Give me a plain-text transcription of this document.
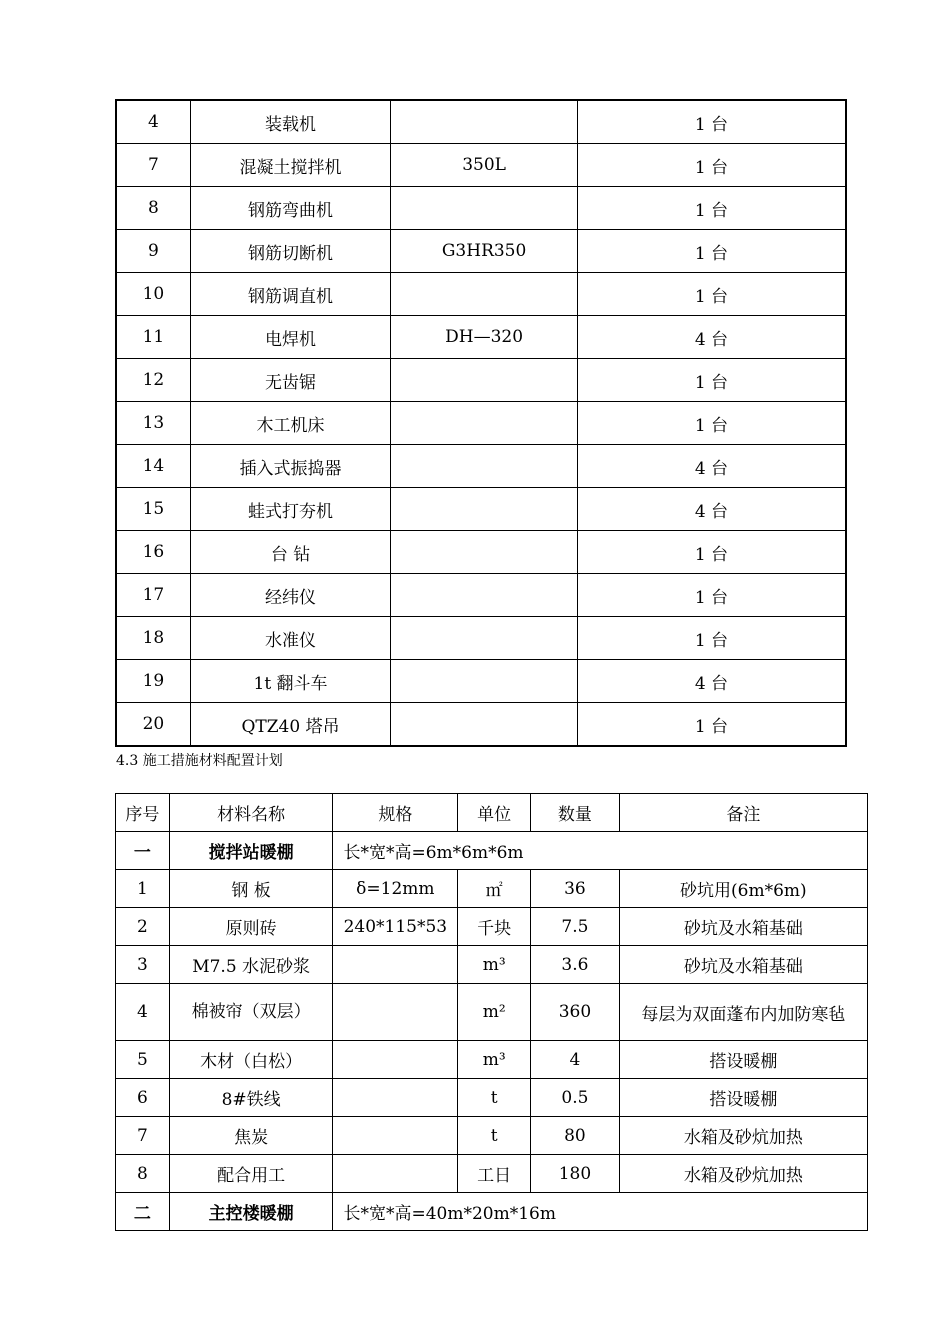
4	装载机		1 台
7	混凝土搅拌机	350L	1 台
8	钢筋弯曲机		1 台
9	钢筋切断机	G3HR350	1 台
10	钢筋调直机		1 台
11	电焊机	DH—320	4 台
12	无齿锯		1 台
13	木工机床		1 台
14	插入式振捣器		4 台
15	蛙式打夯机		4 台
16	台 钻		1 台
17	经纬仪		1 台
18	水准仪		1 台
19	1t 翻斗车		4 台
20	QTZ40 塔吊		1 台
4.3 施工措施材料配置计划
序号	材料名称	规格	单位	数量	备注
一	搅拌站暖棚	长*宽*高=6m*6m*6m			
1	钢 板	δ=12mm	㎡	36	砂坑用(6m*6m)
2	原则砖	240*115*53	千块	7.5	砂坑及水箱基础
3	M7.5 水泥砂浆		m³	3.6	砂坑及水箱基础
4	棉被帘（双层）		m²	360	每层为双面蓬布内加防寒毡
5	木材（白松）		m³	4	搭设暖棚
6	8#铁线		t	0.5	搭设暖棚
7	焦炭		t	80	水箱及砂炕加热
8	配合用工		工日	180	水箱及砂炕加热
二	主控楼暖棚	长*宽*高=40m*20m*16m			
